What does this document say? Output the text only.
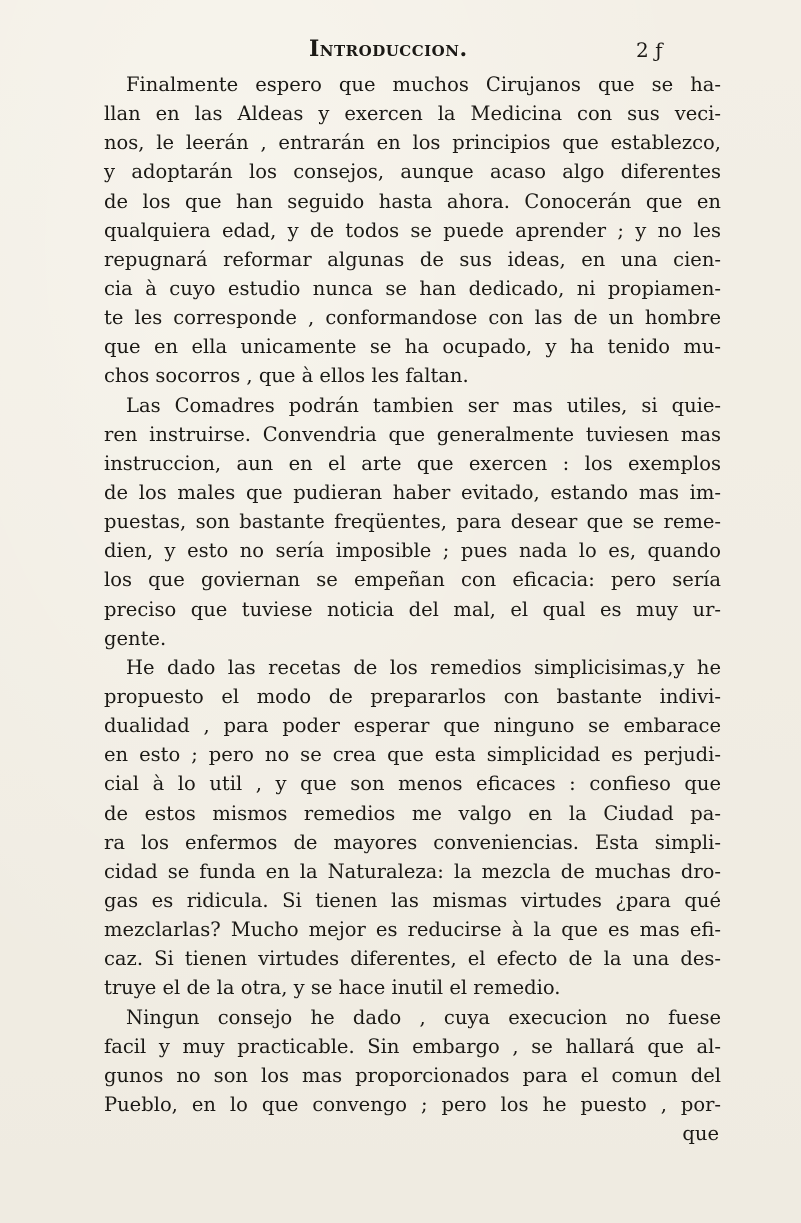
Introduccion.	2 ƒ
Finalmente espero que muchos Cirujanos que se ha-
llan en las Aldeas y exercen la Medicina con sus veci-
nos, le leerán , entrarán en los principios que establezco,
y adoptarán los consejos, aunque acaso algo diferentes
de los que han seguido hasta ahora. Conocerán que en
qualquiera edad, y de todos se puede aprender ; y no les
repugnará reformar algunas de sus ideas, en una cien-
cia à cuyo estudio nunca se han dedicado, ni propiamen-
te les corresponde , conformandose con las de un hombre
que en ella unicamente se ha ocupado, y ha tenido mu-
chos socorros , que à ellos les faltan.
Las Comadres podrán tambien ser mas utiles, si quie-
ren instruirse. Convendria que generalmente tuviesen mas
instruccion, aun en el arte que exercen : los exemplos
de los males que pudieran haber evitado, estando mas im-
puestas, son bastante freqüentes, para desear que se reme-
dien, y esto no sería imposible ; pues nada lo es, quando
los que goviernan se empeñan con eficacia: pero sería
preciso que tuviese noticia del mal, el qual es muy ur-
gente.
He dado las recetas de los remedios simplicisimas,y he
propuesto el modo de prepararlos con bastante indivi-
dualidad , para poder esperar que ninguno se embarace
en esto ; pero no se crea que esta simplicidad es perjudi-
cial à lo util , y que son menos eficaces : confieso que
de estos mismos remedios me valgo en la Ciudad pa-
ra los enfermos de mayores conveniencias. Esta simpli-
cidad se funda en la Naturaleza: la mezcla de muchas dro-
gas es ridicula. Si tienen las mismas virtudes ¿para qué
mezclarlas? Mucho mejor es reducirse à la que es mas efi-
caz. Si tienen virtudes diferentes, el efecto de la una des-
truye el de la otra, y se hace inutil el remedio.
Ningun consejo he dado , cuya execucion no fuese
facil y muy practicable. Sin embargo , se hallará que al-
gunos no son los mas proporcionados para el comun del
Pueblo, en lo que convengo ; pero los he puesto , por-
que
